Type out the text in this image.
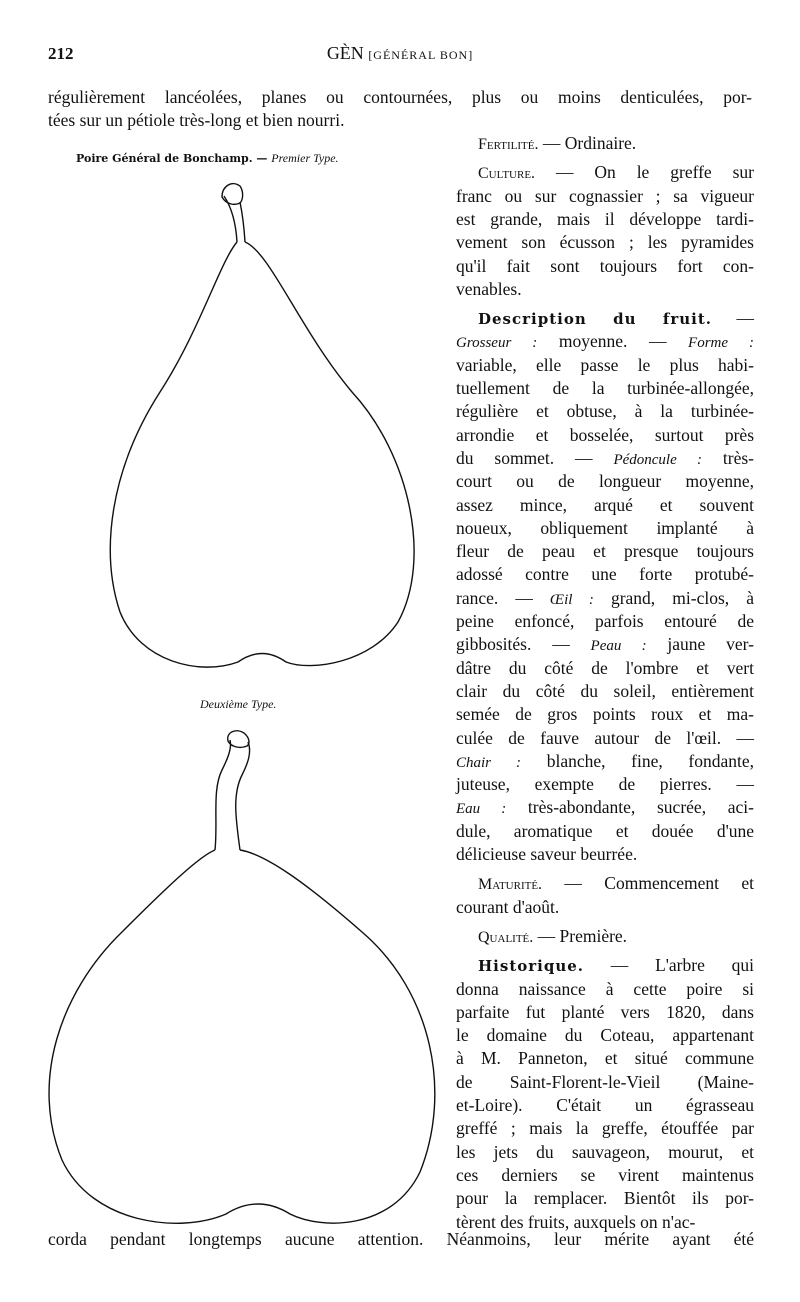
212	GÈN [GÉNÉRAL BON]
régulièrement lancéolées, planes ou contournées, plus ou moins denticulées, por-
tées sur un pétiole très-long et bien nourri.
Poire Général de Bonchamp. — Premier Type.
Deuxième Type.
Fertilité. — Ordinaire.
Culture. — On le greffe sur
franc ou sur cognassier ; sa vigueur
est grande, mais il développe tardi-
vement son écusson ; les pyramides
qu'il fait sont toujours fort con-
venables.
Description du fruit. —
Grosseur : moyenne. — Forme :
variable, elle passe le plus habi-
tuellement de la turbinée-allongée,
régulière et obtuse, à la turbinée-
arrondie et bosselée, surtout près
du sommet. — Pédoncule : très-
court ou de longueur moyenne,
assez mince, arqué et souvent
noueux, obliquement implanté à
fleur de peau et presque toujours
adossé contre une forte protubé-
rance. — Œil : grand, mi-clos, à
peine enfoncé, parfois entouré de
gibbosités. — Peau : jaune ver-
dâtre du côté de l'ombre et vert
clair du côté du soleil, entièrement
semée de gros points roux et ma-
culée de fauve autour de l'œil. —
Chair : blanche, fine, fondante,
juteuse, exempte de pierres. —
Eau : très-abondante, sucrée, aci-
dule, aromatique et douée d'une
délicieuse saveur beurrée.
Maturité. — Commencement et
courant d'août.
Qualité. — Première.
Historique. — L'arbre qui
donna naissance à cette poire si
parfaite fut planté vers 1820, dans
le domaine du Coteau, appartenant
à M. Panneton, et situé commune
de Saint-Florent-le-Vieil (Maine-
et-Loire). C'était un égrasseau
greffé ; mais la greffe, étouffée par
les jets du sauvageon, mourut, et
ces derniers se virent maintenus
pour la remplacer. Bientôt ils por-
tèrent des fruits, auxquels on n'ac-
corda pendant longtemps aucune attention. Néanmoins, leur mérite ayant été
